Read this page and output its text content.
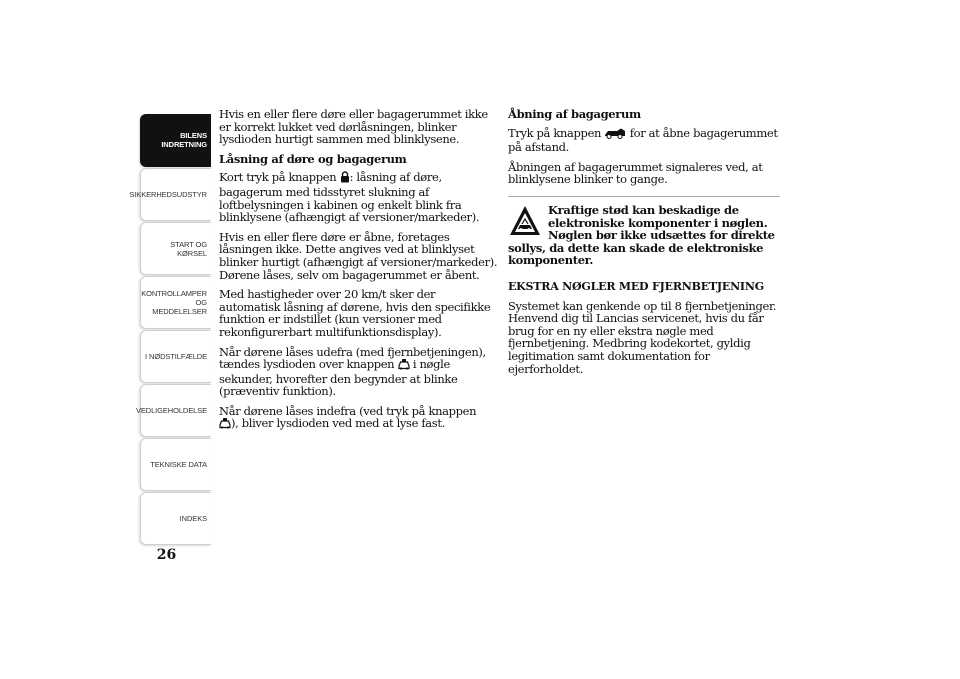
BILENS
INDRETNING
SIKKERHEDSUDSTYR
START OG KØRSEL
KONTROLLAMPER
OG MEDDELELSER
I NØDSTILFÆLDE
VEDLIGEHOLDELSE
TEKNISKE DATA
INDEKS
26

Hvis en eller flere døre eller bagagerummet ikke er korrekt lukket ved dørlåsningen, blinker lysdioden hurtigt sammen med blinklysene.

Låsning af døre og bagagerum

Kort tryk på knappen : låsning af døre, bagagerum med tidsstyret slukning af loftbelysningen i kabinen og enkelt blink fra blinklysene (afhængigt af versioner/markeder).

Hvis en eller flere døre er åbne, foretages låsningen ikke. Dette angives ved at blinklyset blinker hurtigt (afhængigt af versioner/markeder). Dørene låses, selv om bagagerummet er åbent.

Med hastigheder over 20 km/t sker der automatisk låsning af dørene, hvis den specifikke funktion er indstillet (kun versioner med rekonfigurerbart multifunktionsdisplay).

Når dørene låses udefra (med fjernbetjeningen), tændes lysdioden over knappen i nøgle sekunder, hvorefter den begynder at blinke (præventiv funktion).

Når dørene låses indefra (ved tryk på knappen
), bliver lysdioden ved med at lyse fast.

Åbning af bagagerum

Tryk på knappen for at åbne bagagerummet på afstand.

Åbningen af bagagerummet signaleres ved, at blinklysene blinker to gange.

Kraftige stød kan beskadige de elektroniske komponenter i nøglen. Nøglen bør ikke udsættes for direkte sollys, da dette kan skade de elektroniske komponenter.

EKSTRA NØGLER MED FJERNBETJENING

Systemet kan genkende op til 8 fjernbetjeninger. Henvend dig til Lancias servicenet, hvis du får brug for en ny eller ekstra nøgle med fjernbetjening. Medbring kodekortet, gyldig legitimation samt dokumentation for ejerforholdet.
